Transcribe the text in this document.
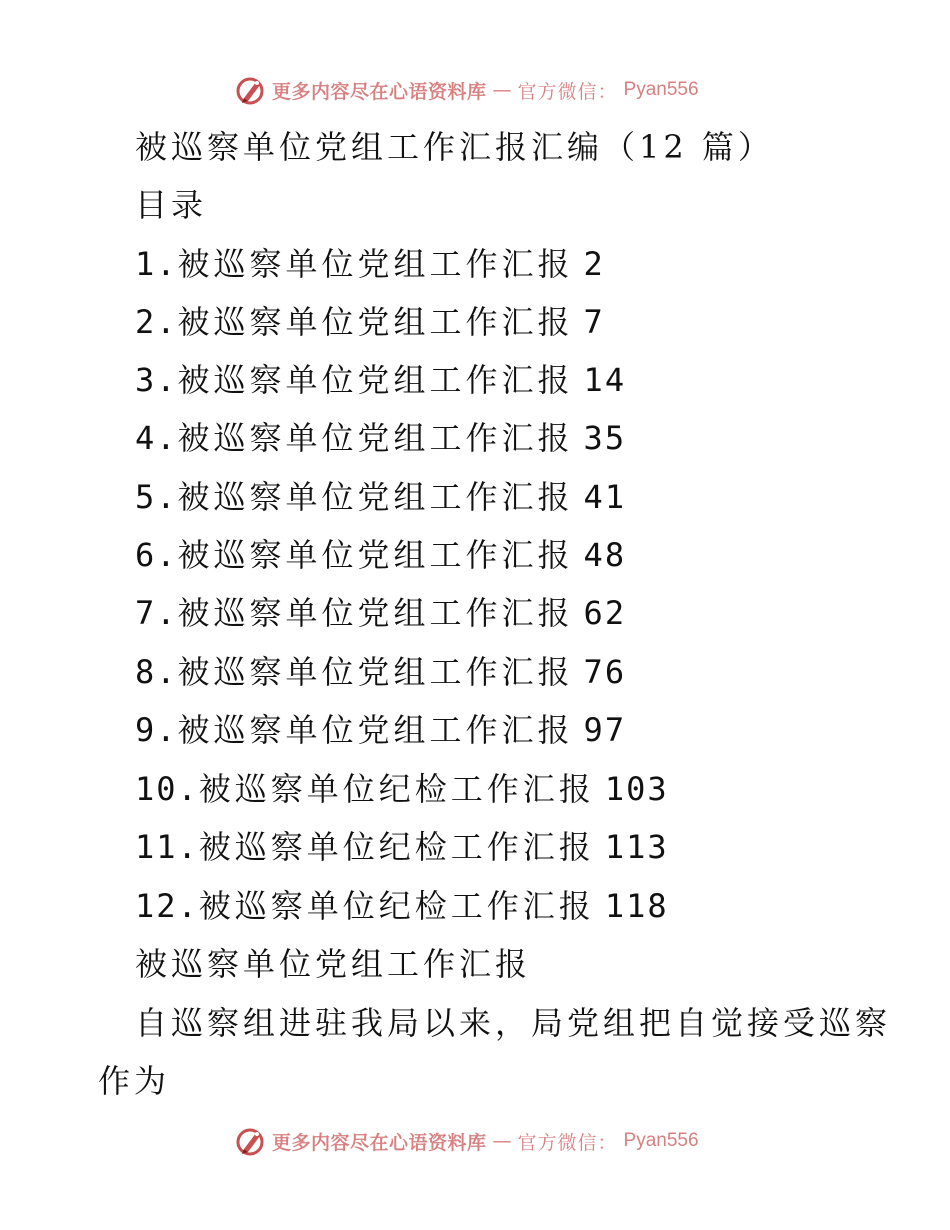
更多内容尽在心语资料库 — 官方微信： Pyan556
被巡察单位党组工作汇报汇编（12 篇）
目录
1.被巡察单位党组工作汇报 2
2.被巡察单位党组工作汇报 7
3.被巡察单位党组工作汇报 14
4.被巡察单位党组工作汇报 35
5.被巡察单位党组工作汇报 41
6.被巡察单位党组工作汇报 48
7.被巡察单位党组工作汇报 62
8.被巡察单位党组工作汇报 76
9.被巡察单位党组工作汇报 97
10.被巡察单位纪检工作汇报 103
11.被巡察单位纪检工作汇报 113
12.被巡察单位纪检工作汇报 118
被巡察单位党组工作汇报
自巡察组进驻我局以来，局党组把自觉接受巡察
作为
更多内容尽在心语资料库 — 官方微信： Pyan556
